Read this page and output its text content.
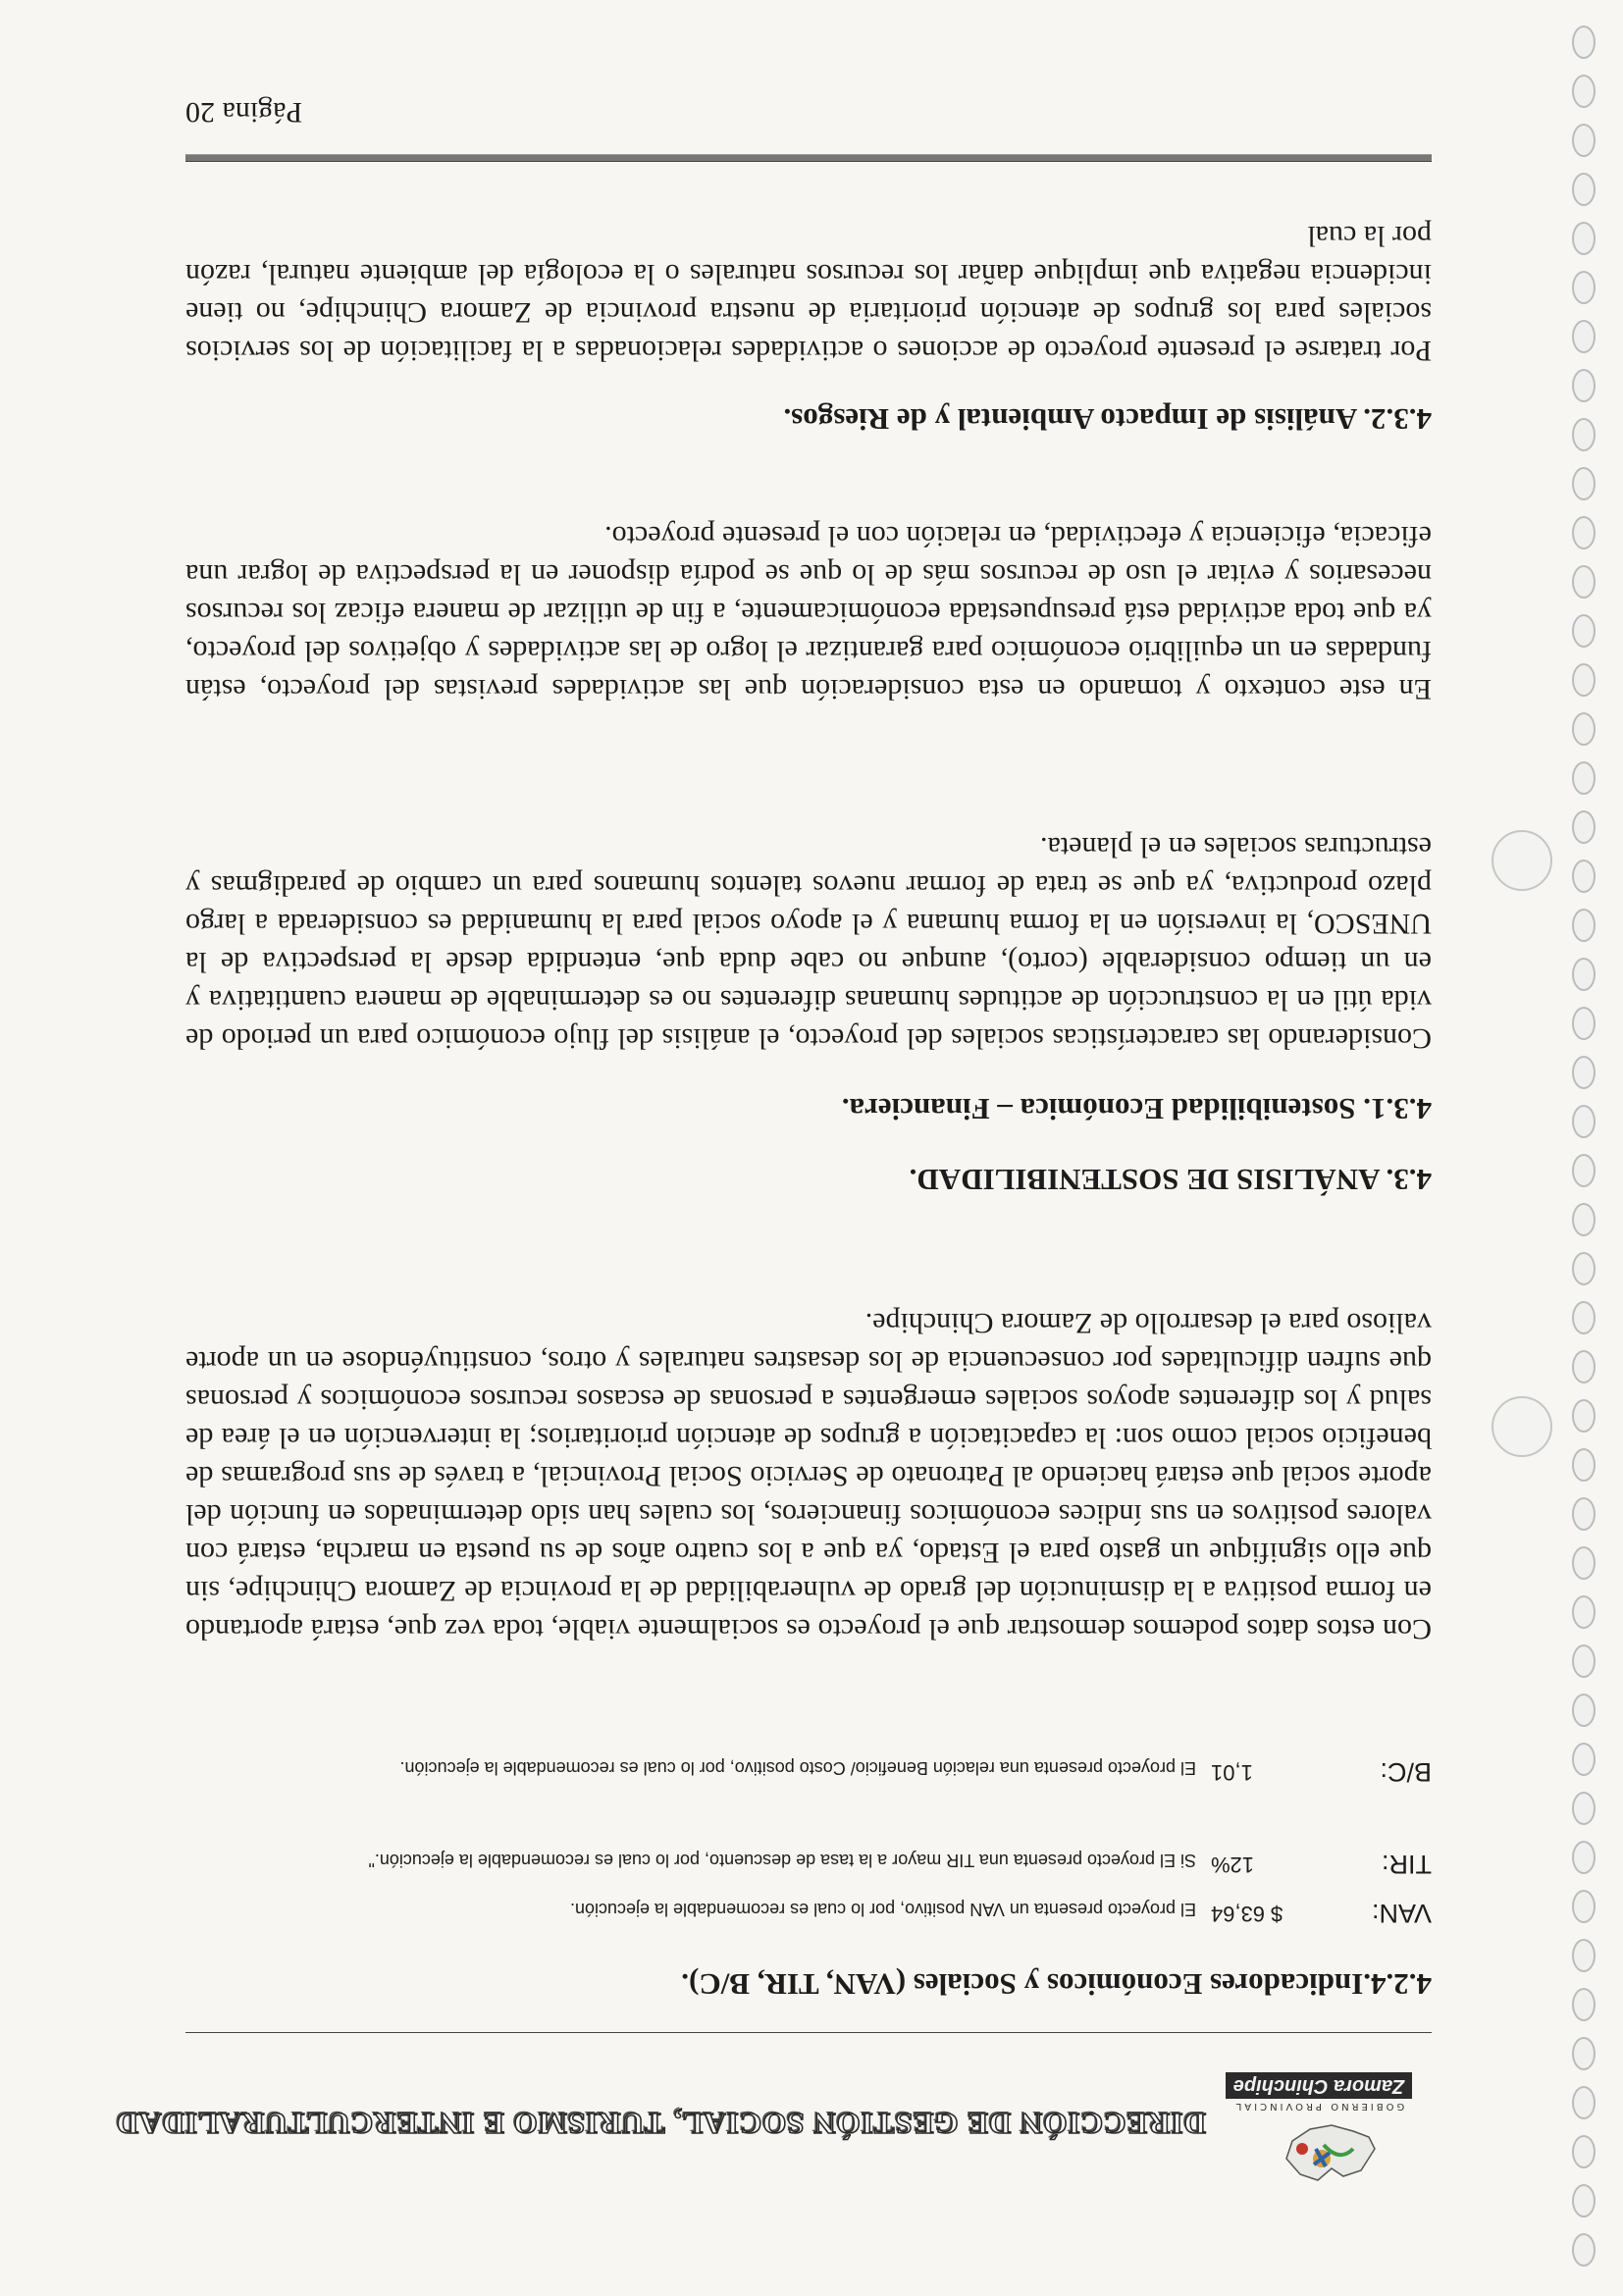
GOBIERNO PROVINCIAL
Zamora Chinchipe
DIRECCIÓN DE GESTIÓN SOCIAL, TURISMO E INTERCULTURALIDAD
4.2.4.Indicadores Económicos y Sociales (VAN, TIR, B/C).
VAN:
$ 63,64
El proyecto presenta un VAN positivo, por lo cual es recomendable la ejecución.
TIR:
12%
Si El proyecto presenta una TIR mayor a la tasa de descuento, por lo cual es recomendable la ejecución."
B/C:
1,01
El proyecto presenta una relación Beneficio/ Costo positivo, por lo cual es recomendable la ejecución.

Con estos datos podemos demostrar que el proyecto es socialmente viable, toda vez que, estará aportando en forma positiva a la disminución del grado de vulnerabilidad de la provincia de Zamora Chinchipe, sin que ello signifique un gasto para el Estado, ya que a los cuatro años de su puesta en marcha, estará con valores positivos en sus índices económicos financieros, los cuales han sido determinados en función del aporte social que estará haciendo al Patronato de Servicio Social Provincial, a través de sus programas de beneficio social como son: la capacitación a grupos de atención prioritarios; la intervención en el área de salud y los diferentes apoyos sociales emergentes a personas de escasos recursos económicos y personas que sufren dificultades por consecuencia de los desastres naturales y otros, constituyéndose en un aporte valioso para el desarrollo de Zamora Chinchipe.

4.3. ANÁLISIS DE SOSTENIBILIDAD.
4.3.1. Sostenibilidad Económica – Financiera.

Considerando las características sociales del proyecto, el análisis del flujo económico para un periodo de vida útil en la construcción de actitudes humanas diferentes no es determinable de manera cuantitativa y en un tiempo considerable (corto), aunque no cabe duda que, entendida desde la perspectiva de la UNESCO, la inversión en la forma humana y el apoyo social para la humanidad es considerada a largo plazo productiva, ya que se trata de formar nuevos talentos humanos para un cambio de paradigmas y estructuras sociales en el planeta.

En este contexto y tomando en esta consideración que las actividades previstas del proyecto, están fundadas en un equilibrio económico para garantizar el logro de las actividades y objetivos del proyecto, ya que toda actividad está presupuestada económicamente, a fin de utilizar de manera eficaz los recursos necesarios y evitar el uso de recursos más de lo que se podría disponer en la perspectiva de lograr una eficacia, eficiencia y efectividad, en relación con el presente proyecto.

4.3.2. Análisis de Impacto Ambiental y de Riesgos.

Por tratarse el presente proyecto de acciones o actividades relacionadas a la facilitación de los servicios sociales para los grupos de atención prioritaria de nuestra provincia de Zamora Chinchipe, no tiene incidencia negativa que implique dañar los recursos naturales o la ecología del ambiente natural, razón por la cual

Página 20
